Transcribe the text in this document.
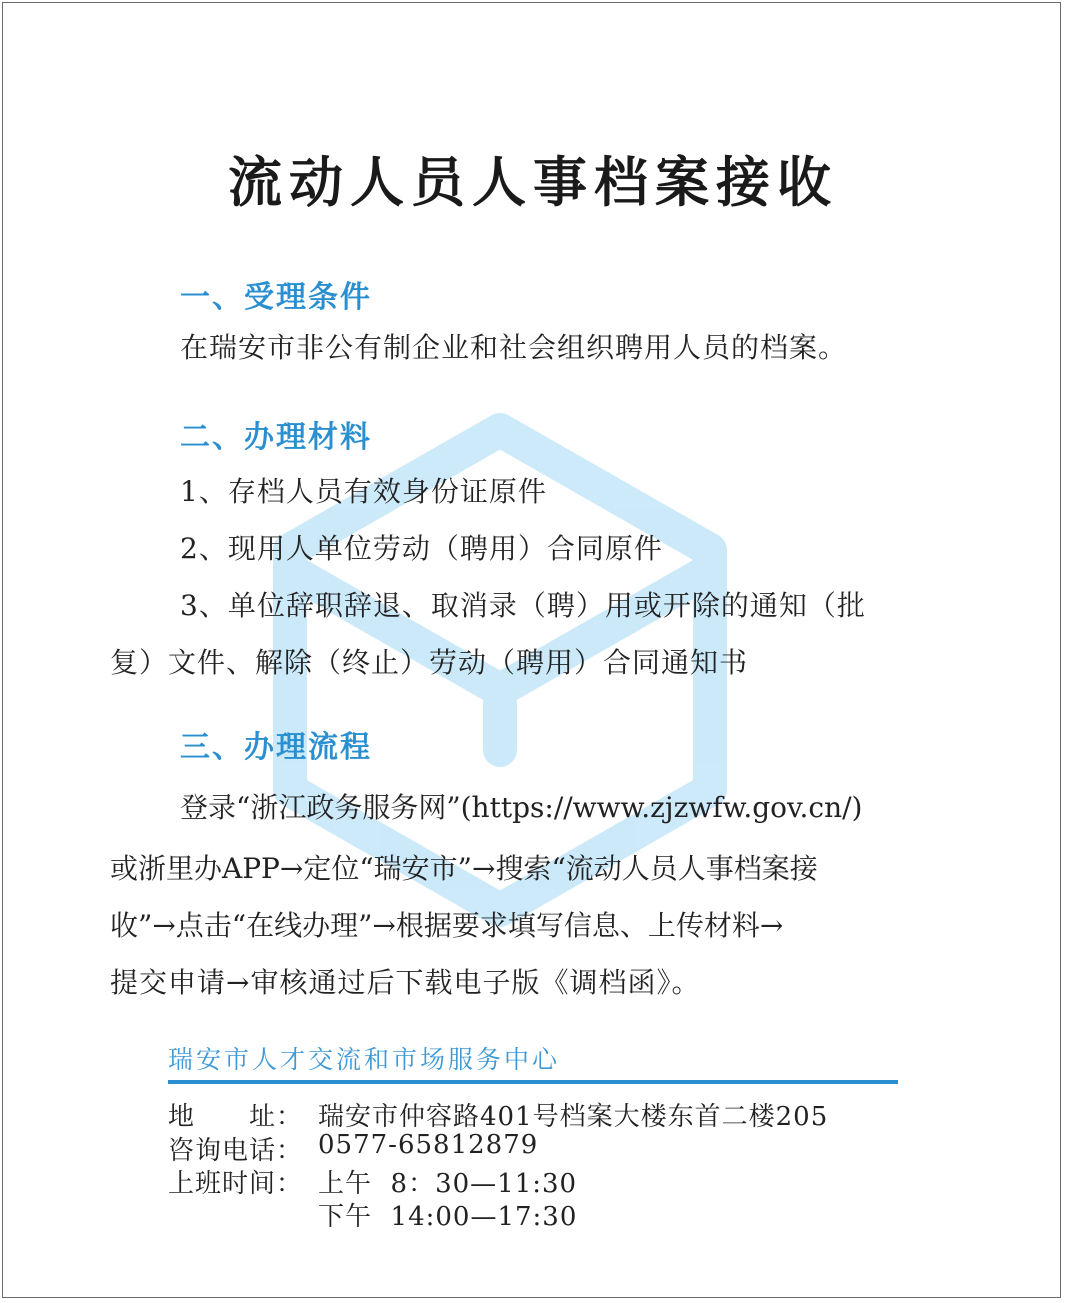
流动人员人事档案接收
一、受理条件
在瑞安市非公有制企业和社会组织聘用人员的档案。
二、办理材料
1、存档人员有效身份证原件
2、现用人单位劳动（聘用）合同原件
3、单位辞职辞退、取消录（聘）用或开除的通知（批
复）文件、解除（终止）劳动（聘用）合同通知书
三、办理流程
登录“浙江政务服务网”(https://www.zjzwfw.gov.cn/)
或浙里办APP→定位“瑞安市”→搜索“流动人员人事档案接
收”→点击“在线办理”→根据要求填写信息、上传材料→
提交申请→审核通过后下载电子版《调档函》。
瑞安市人才交流和市场服务中心
地　　址： 瑞安市仲容路401号档案大楼东首二楼205
咨询电话： 0577-65812879
上班时间： 上午  8：30—11:30
下午  14:00—17:30
